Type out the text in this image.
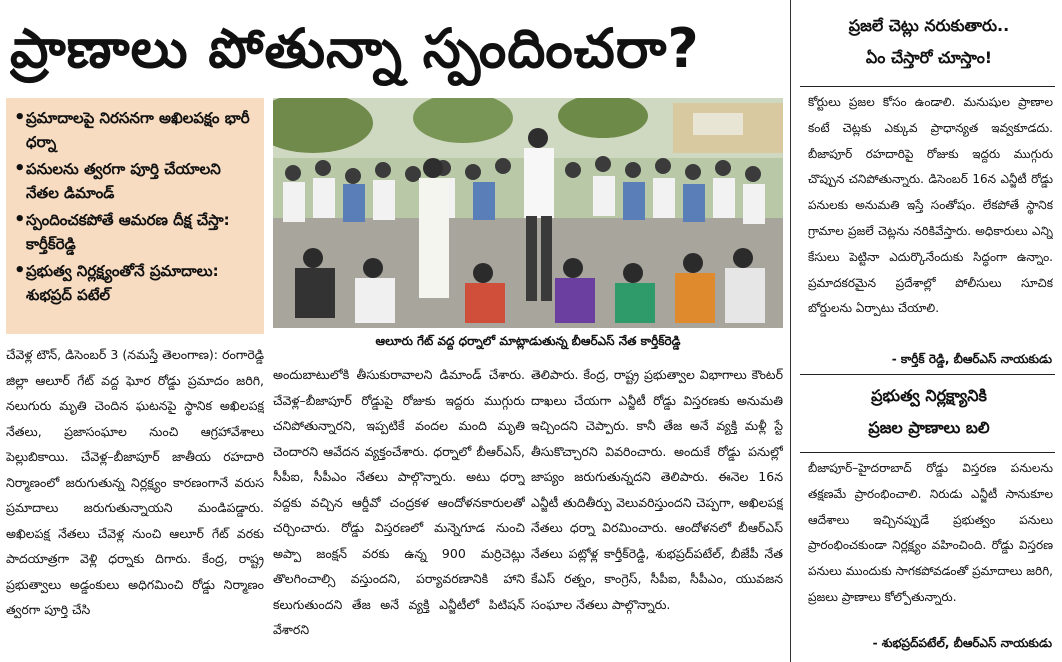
ప్రాణాలు పోతున్నా స్పందించరా?
• ప్రమాదాలపై నిరసనగా అఖిలపక్షం భారీ ధర్నా
• పనులను త్వరగా పూర్తి చేయాలని నేతల డిమాండ్
• స్పందించకపోతే ఆమరణ దీక్ష చేస్తా: కార్తీక్‌రెడ్డి
• ప్రభుత్వ నిర్లక్ష్యంతోనే ప్రమాదాలు: శుభప్రద్ పటేల్
ఆలూరు గేట్ వద్ద ధర్నాలో మాట్లాడుతున్న బీఆర్ఎస్ నేత కార్తీక్‌రెడ్డి

చేవెళ్ల టౌన్, డిసెంబర్ 3 (నమస్తే తెలంగాణ): రంగారెడ్డి జిల్లా ఆలూర్ గేట్ వద్ద ఘోర రోడ్డు ప్రమాదం జరిగి, నలుగురు మృతి చెందిన ఘటనపై స్థానిక అఖిలపక్ష నేతలు, ప్రజాసంఘాల నుంచి ఆగ్రహావేశాలు పెల్లుబికాయి. చేవెళ్ల–బీజాపూర్ జాతీయ రహదారి నిర్మాణంలో జరుగుతున్న నిర్లక్ష్యం కారణంగానే వరుస ప్రమాదాలు జరుగుతున్నాయని మండిపడ్డారు. అఖిలపక్ష నేతలు చేవెళ్ల నుంచి ఆలూర్ గేట్ వరకు పాదయాత్రగా వెళ్లి ధర్నాకు దిగారు. కేంద్ర, రాష్ట్ర ప్రభుత్వాలు అడ్డంకులు అధిగమించి రోడ్డు నిర్మాణం త్వరగా పూర్తి చేసి

అందుబాటులోకి తీసుకురావాలని డిమాండ్ చేశారు. చేవెళ్ల–బీజాపూర్ రోడ్డుపై రోజుకు ఇద్దరు ముగ్గురు చనిపోతున్నారని, ఇప్పటికే వందల మంది మృతి చెందారని ఆవేదన వ్యక్తంచేశారు. ధర్నాలో బీఆర్ఎస్, సీపీఐ, సీపీఎం నేతలు పాల్గొన్నారు. అటు ధర్నా వద్దకు వచ్చిన ఆర్డీవో చంద్రకళ ఆందోళనకారులతో చర్చించారు. రోడ్డు విస్తరణలో మన్నెగూడ నుంచి అప్పా జంక్షన్ వరకు ఉన్న 900 మర్రిచెట్లు తొలగించాల్సి వస్తుందని, పర్యావరణానికి హాని కలుగుతుందని తేజ అనే వ్యక్తి ఎన్జీటీలో పిటిషన్ వేశారని

తెలిపారు. కేంద్ర, రాష్ట్ర ప్రభుత్వాల విభాగాలు కౌంటర్ దాఖలు చేయగా ఎన్జీటీ రోడ్డు విస్తరణకు అనుమతి ఇచ్చిందని చెప్పారు. కానీ తేజ అనే వ్యక్తి మళ్లీ స్టే తీసుకొచ్చారని వివరించారు. అందుకే రోడ్డు పనుల్లో జాప్యం జరుగుతున్నదని తెలిపారు. ఈనెల 16న ఎన్జీటీ తుదితీర్పు వెలువరిస్తుందని చెప్పగా, అఖిలపక్ష నేతలు ధర్నా విరమించారు. ఆందోళనలో బీఆర్ఎస్ నేతలు పట్లోళ్ల కార్తీక్‌రెడ్డి, శుభప్రద్‌పటేల్, బీజేపీ నేత కేఎస్ రత్నం, కాంగ్రెస్, సీపీఐ, సీపీఎం, యువజన సంఘాల నేతలు పాల్గొన్నారు.

ప్రజలే చెట్లు నరుకుతారు..
ఏం చేస్తారో చూస్తాం!

కోర్టులు ప్రజల కోసం ఉండాలి. మనుషుల ప్రాణాల కంటే చెట్లకు ఎక్కువ ప్రాధాన్యత ఇవ్వకూడదు. బీజాపూర్ రహదారిపై రోజుకు ఇద్దరు ముగ్గురు చొప్పున చనిపోతున్నారు. డిసెంబర్ 16న ఎన్జీటీ రోడ్డు పనులకు అనుమతి ఇస్తే సంతోషం. లేకపోతే స్థానిక గ్రామాల ప్రజలే చెట్లను నరికివేస్తారు. అధికారులు ఎన్ని కేసులు పెట్టినా ఎదుర్కొనేందుకు సిద్ధంగా ఉన్నాం. ప్రమాదకరమైన ప్రదేశాల్లో పోలీసులు సూచిక బోర్డులను ఏర్పాటు చేయాలి.

- కార్తీక్ రెడ్డి, బీఆర్ఎస్ నాయకుడు
ప్రభుత్వ నిర్లక్ష్యానికి
ప్రజల ప్రాణాలు బలి

బీజాపూర్–హైదరాబాద్ రోడ్డు విస్తరణ పనులను తక్షణమే ప్రారంభించాలి. నిరుడు ఎన్జీటీ సానుకూల ఆదేశాలు ఇచ్చినప్పుడే ప్రభుత్వం పనులు ప్రారంభించకుండా నిర్లక్ష్యం వహించింది. రోడ్డు విస్తరణ పనులు ముందుకు సాగకపోవడంతో ప్రమాదాలు జరిగి, ప్రజలు ప్రాణాలు కోల్పోతున్నారు.

- శుభప్రద్‌పటేల్, బీఆర్ఎస్ నాయకుడు
